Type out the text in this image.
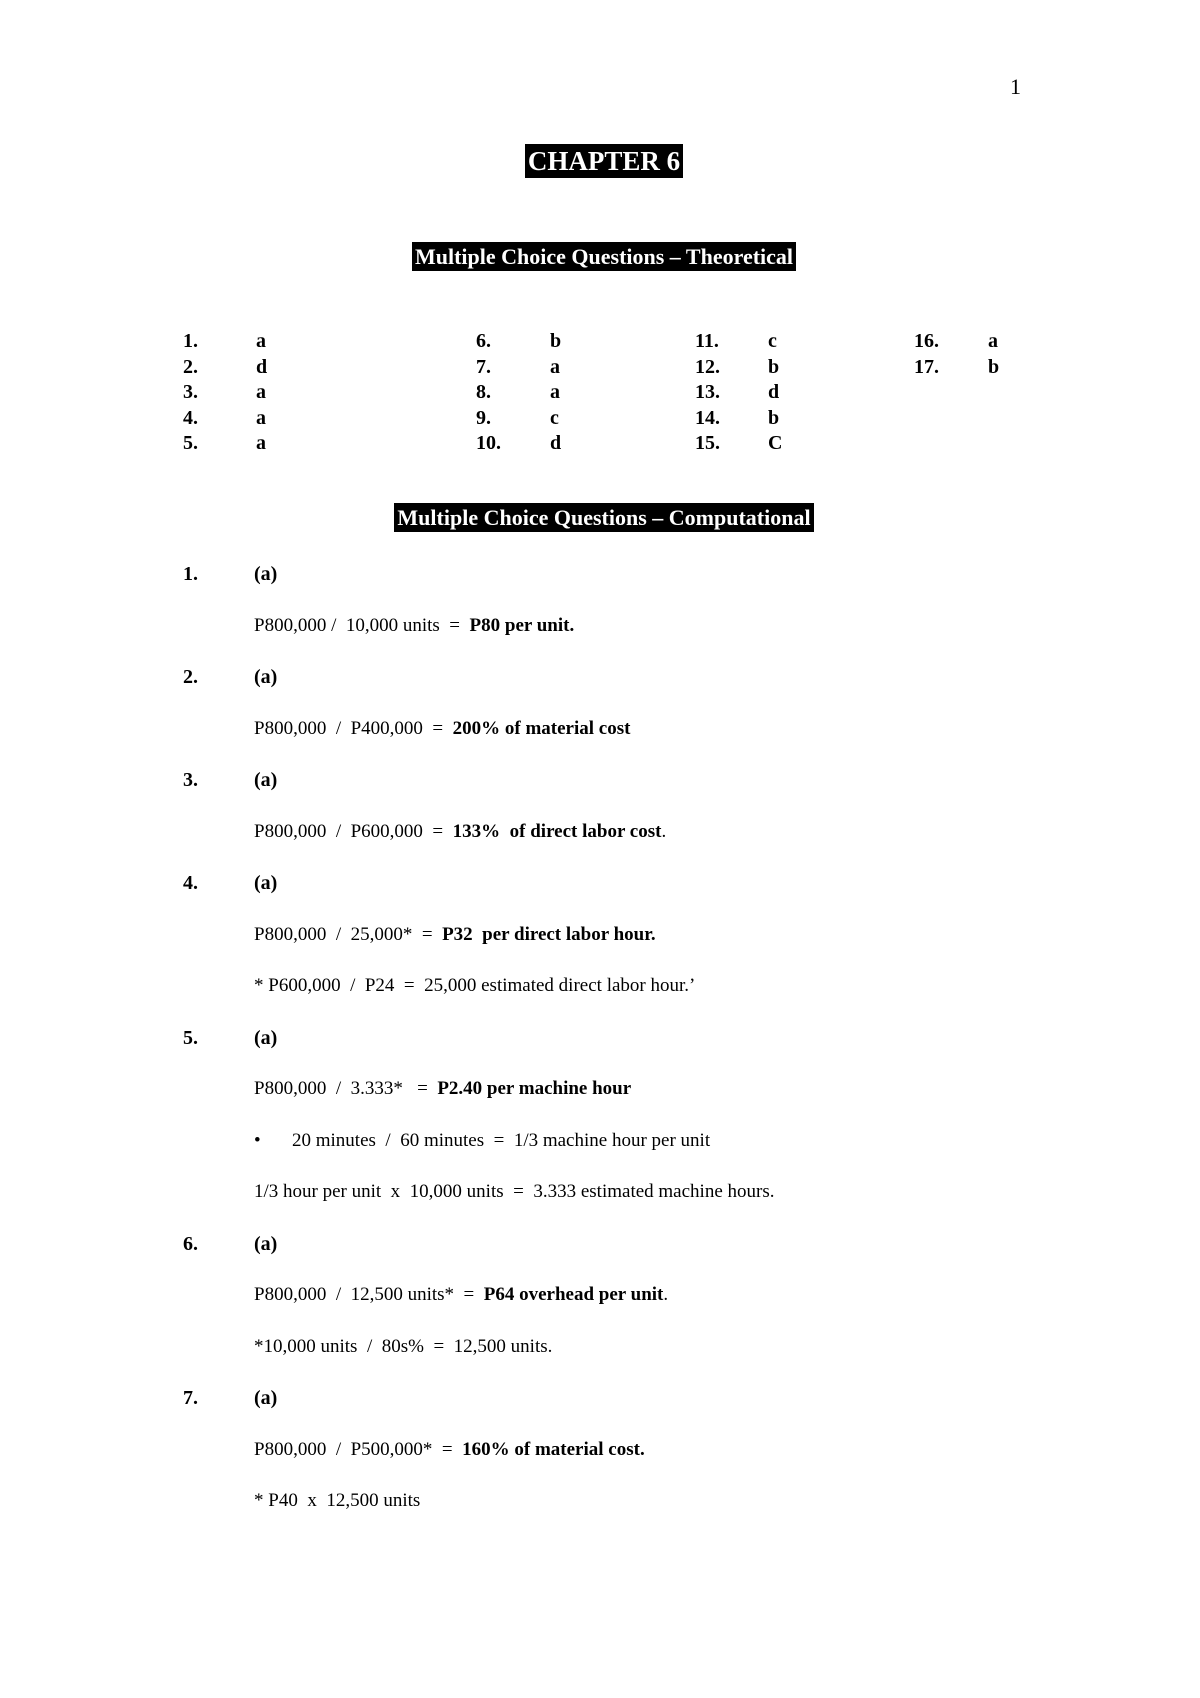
1
CHAPTER 6
Multiple Choice Questions – Theoretical
1.	a
2.	d
3.	a
4.	a
5.	a
6.	b
7.	a
8.	a
9.	c
10. d
11. c
12. b
13. d
14. b
15. C
16. a
17. b
Multiple Choice Questions – Computational
1.	(a)
P800,000 /  10,000 units  =  P80 per unit.
2.	(a)
P800,000  /  P400,000  =  200% of material cost
3.	(a)
P800,000  /  P600,000  =  133%  of direct labor cost.
4.	(a)
P800,000  /  25,000*  =  P32  per direct labor hour.
* P600,000  /  P24  =  25,000 estimated direct labor hour.’
5.	(a)
P800,000  /  3.333*   =  P2.40 per machine hour
• 20 minutes  /  60 minutes  =  1/3 machine hour per unit
1/3 hour per unit  x  10,000 units  =  3.333 estimated machine hours.
6.	(a)
P800,000  /  12,500 units*  =  P64 overhead per unit.
*10,000 units  /  80s%  =  12,500 units.
7.	(a)
P800,000  /  P500,000*  =  160% of material cost.
* P40  x  12,500 units
